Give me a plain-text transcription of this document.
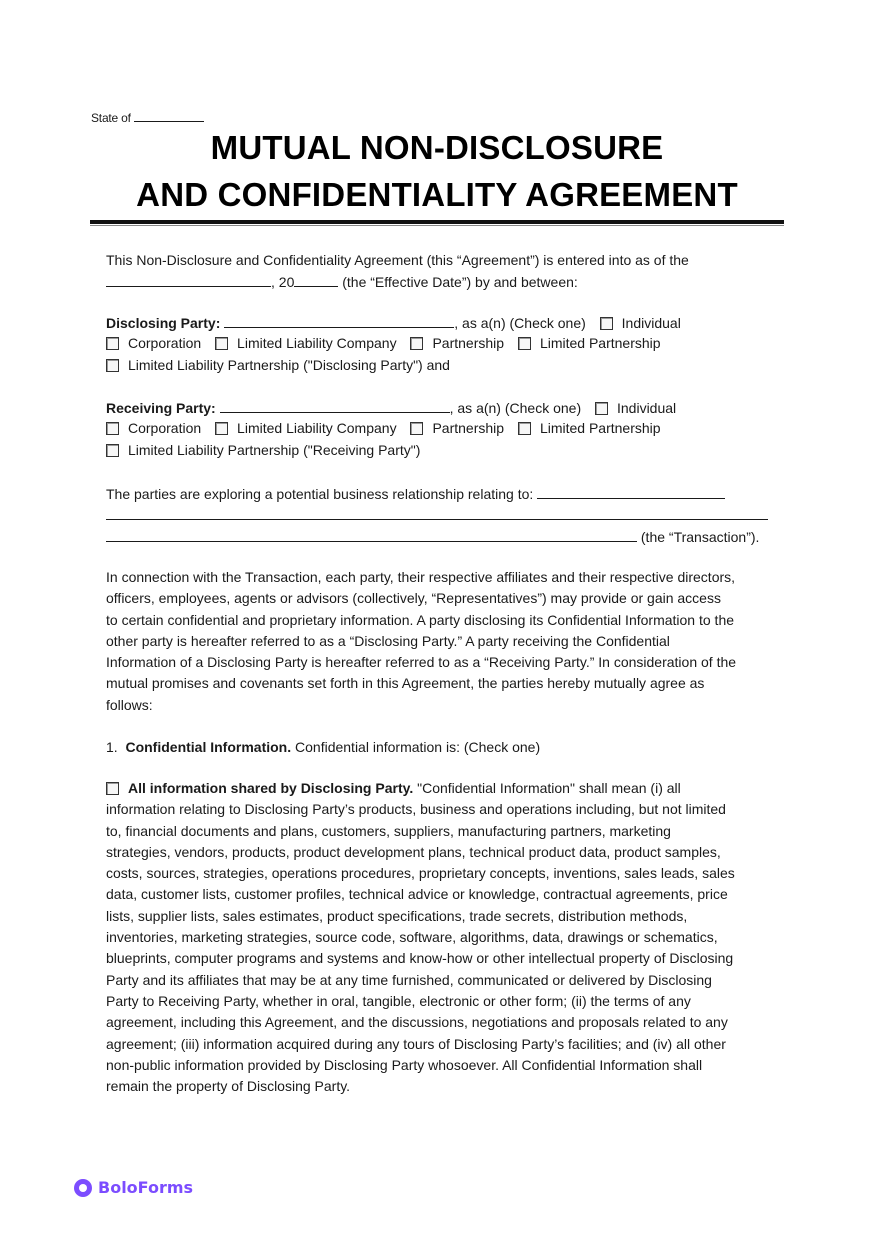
State of
MUTUAL NON-DISCLOSURE
AND CONFIDENTIALITY AGREEMENT
This Non-Disclosure and Confidentiality Agreement (this “Agreement”) is entered into as of the
, 20	(the “Effective Date”) by and between:
Disclosing Party:	, as a(n) (Check one)	Individual
Corporation	Limited Liability Company	Partnership	Limited Partnership
Limited Liability Partnership ("Disclosing Party") and
Receiving Party:	, as a(n) (Check one)	Individual
Corporation	Limited Liability Company	Partnership	Limited Partnership
Limited Liability Partnership ("Receiving Party")
The parties are exploring a potential business relationship relating to:
(the “Transaction”).
In connection with the Transaction, each party, their respective affiliates and their respective directors,
officers, employees, agents or advisors (collectively, “Representatives”) may provide or gain access
to certain confidential and proprietary information. A party disclosing its Confidential Information to the
other party is hereafter referred to as a “Disclosing Party.” A party receiving the Confidential
Information of a Disclosing Party is hereafter referred to as a “Receiving Party.” In consideration of the
mutual promises and covenants set forth in this Agreement, the parties hereby mutually agree as
follows:
1. Confidential Information. Confidential information is: (Check one)
All information shared by Disclosing Party. "Confidential Information" shall mean (i) all
information relating to Disclosing Party’s products, business and operations including, but not limited
to, financial documents and plans, customers, suppliers, manufacturing partners, marketing
strategies, vendors, products, product development plans, technical product data, product samples,
costs, sources, strategies, operations procedures, proprietary concepts, inventions, sales leads, sales
data, customer lists, customer profiles, technical advice or knowledge, contractual agreements, price
lists, supplier lists, sales estimates, product specifications, trade secrets, distribution methods,
inventories, marketing strategies, source code, software, algorithms, data, drawings or schematics,
blueprints, computer programs and systems and know-how or other intellectual property of Disclosing
Party and its affiliates that may be at any time furnished, communicated or delivered by Disclosing
Party to Receiving Party, whether in oral, tangible, electronic or other form; (ii) the terms of any
agreement, including this Agreement, and the discussions, negotiations and proposals related to any
agreement; (iii) information acquired during any tours of Disclosing Party’s facilities; and (iv) all other
non-public information provided by Disclosing Party whosoever. All Confidential Information shall
remain the property of Disclosing Party.
BoloForms
